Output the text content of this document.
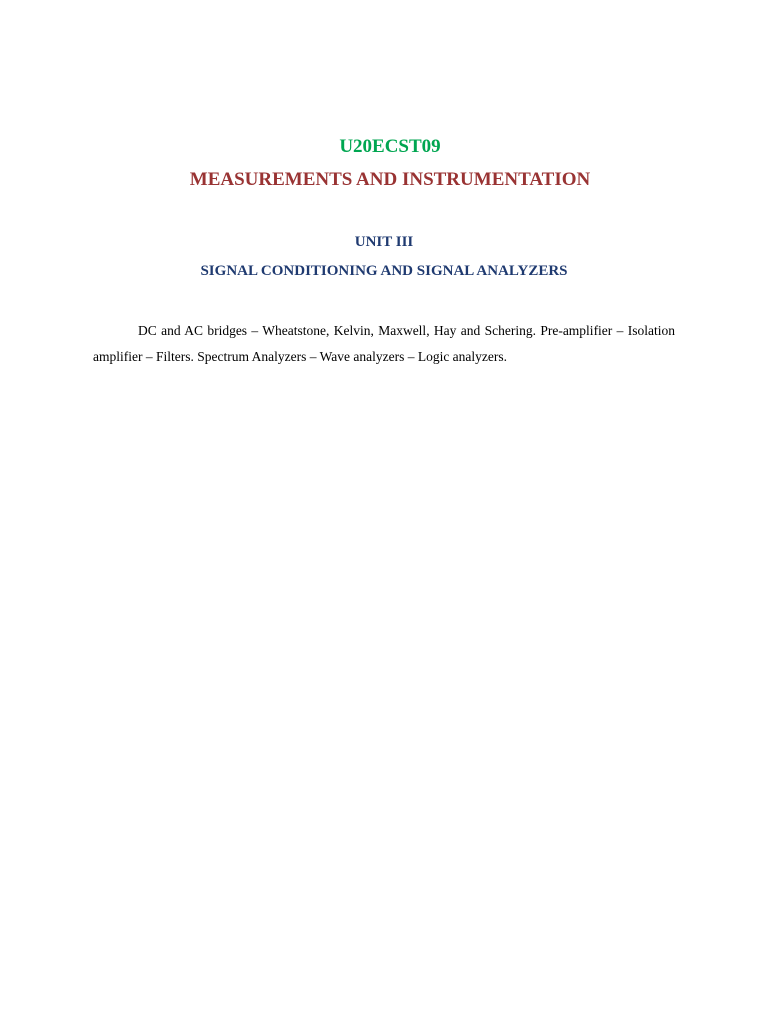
U20ECST09
MEASUREMENTS AND INSTRUMENTATION
UNIT III
SIGNAL CONDITIONING AND SIGNAL ANALYZERS

DC and AC bridges – Wheatstone, Kelvin, Maxwell, Hay and Schering. Pre-amplifier – Isolation amplifier – Filters. Spectrum Analyzers – Wave analyzers – Logic analyzers.
